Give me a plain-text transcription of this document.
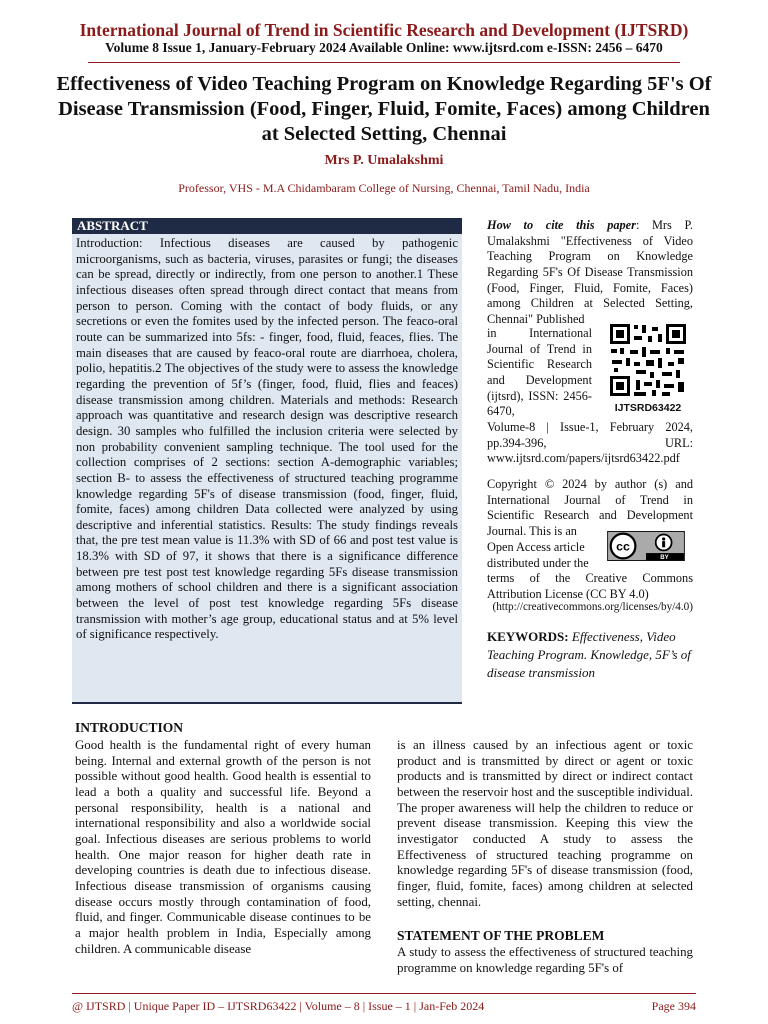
International Journal of Trend in Scientific Research and Development (IJTSRD)
Volume 8 Issue 1, January-February 2024 Available Online: www.ijtsrd.com e-ISSN: 2456 – 6470
Effectiveness of Video Teaching Program on Knowledge Regarding 5F's Of Disease Transmission (Food, Finger, Fluid, Fomite, Faces) among Children at Selected Setting, Chennai
Mrs P. Umalakshmi
Professor, VHS - M.A Chidambaram College of Nursing, Chennai, Tamil Nadu, India
ABSTRACT
Introduction: Infectious diseases are caused by pathogenic microorganisms, such as bacteria, viruses, parasites or fungi; the diseases can be spread, directly or indirectly, from one person to another.1 These infectious diseases often spread through direct contact that means from person to person. Coming with the contact of body fluids, or any secretions or even the fomites used by the infected person. The feaco-oral route can be summarized into 5fs: - finger, food, fluid, feaces, flies. The main diseases that are caused by feaco-oral route are diarrhoea, cholera, polio, hepatitis.2 The objectives of the study were to assess the knowledge regarding the prevention of 5f’s (finger, food, fluid, flies and feaces) disease transmission among children. Materials and methods: Research approach was quantitative and research design was descriptive research design. 30 samples who fulfilled the inclusion criteria were selected by non probability convenient sampling technique. The tool used for the collection comprises of 2 sections: section A-demographic variables; section B- to assess the effectiveness of structured teaching programme knowledge regarding 5F's of disease transmission (food, finger, fluid, fomite, faces) among children Data collected were analyzed by using descriptive and inferential statistics. Results: The study findings reveals that, the pre test mean value is 11.3% with SD of 66 and post test value is 18.3% with SD of 97, it shows that there is a significance difference between pre test post test knowledge regarding 5Fs disease transmission among mothers of school children and there is a significant association between the level of post test knowledge regarding 5Fs disease transmission with mother’s age group, educational status and at 5% level of significance respectively.
How to cite this paper: Mrs P. Umalakshmi "Effectiveness of Video Teaching Program on Knowledge Regarding 5F's Of Disease Transmission (Food, Finger, Fluid, Fomite, Faces) among Children at Selected Setting, Chennai" Published
in International Journal of Trend in Scientific Research and Development (ijtsrd), ISSN: 2456-6470,	IJTSRD63422
Volume-8 | Issue-1, February 2024, pp.394-396, URL: www.ijtsrd.com/papers/ijtsrd63422.pdf
Copyright © 2024 by author (s) and International Journal of Trend in Scientific Research and Development Journal. This is an
Open Access article distributed under the
cc
BY
terms of the Creative Commons Attribution License (CC BY 4.0)
(http://creativecommons.org/licenses/by/4.0)
KEYWORDS: Effectiveness, Video Teaching Program. Knowledge, 5F’s of disease transmission
INTRODUCTION
Good health is the fundamental right of every human being. Internal and external growth of the person is not possible without good health. Good health is essential to lead a both a quality and successful life. Beyond a personal responsibility, health is a national and international responsibility and also a worldwide social goal. Infectious diseases are serious problems to world health. One major reason for higher death rate in developing countries is death due to infectious disease. Infectious disease transmission of organisms causing disease occurs mostly through contamination of food, fluid, and finger. Communicable disease continues to be a major health problem in India, Especially among children. A communicable disease
is an illness caused by an infectious agent or toxic product and is transmitted by direct or agent or toxic products and is transmitted by direct or indirect contact between the reservoir host and the susceptible individual. The proper awareness will help the children to reduce or prevent disease transmission. Keeping this view the investigator conducted A study to assess the Effectiveness of structured teaching programme on knowledge regarding 5F's of disease transmission (food, finger, fluid, fomite, faces) among children at selected setting, chennai.
STATEMENT OF THE PROBLEM
A study to assess the effectiveness of structured teaching programme on knowledge regarding 5F's of
@ IJTSRD | Unique Paper ID – IJTSRD63422 | Volume – 8 | Issue – 1 | Jan-Feb 2024	Page 394
